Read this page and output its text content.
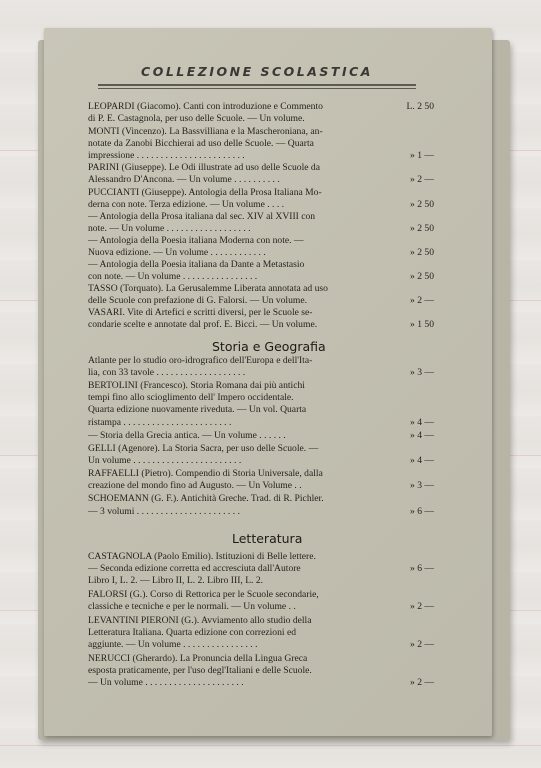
COLLEZIONE SCOLASTICA
Storia e Geografia
Letteratura
LEOPARDI (Giacomo). Canti con introduzione e Commento	L. 2 50
di P. E. Castagnola, per uso delle Scuole. — Un volume.
MONTI (Vincenzo). La Bassvilliana e la Mascheroniana, an-
notate da Zanobi Bicchierai ad uso delle Scuole. — Quarta
impressione . . . . . . . . . . . . . . . . . . . . . . .	» 1 —
PARINI (Giuseppe). Le Odi illustrate ad uso delle Scuole da
Alessandro D'Ancona. — Un volume . . . . . . . . . .	» 2 —
PUCCIANTI (Giuseppe). Antologia della Prosa Italiana Mo-
derna con note. Terza edizione. — Un volume . . . .	» 2 50
— Antologia della Prosa italiana dal sec. XIV al XVIII con
note. — Un volume . . . . . . . . . . . . . . . . . .	» 2 50
— Antologia della Poesia italiana Moderna con note. —
Nuova edizione. — Un volume . . . . . . . . . . . .	» 2 50
— Antologia della Poesia italiana da Dante a Metastasio
con note. — Un volume . . . . . . . . . . . . . . . .	» 2 50
TASSO (Torquato). La Gerusalemme Liberata annotata ad uso
delle Scuole con prefazione di G. Falorsi. — Un volume.	» 2 —
VASARI. Vite di Artefici e scritti diversi, per le Scuole se-
condarie scelte e annotate dal prof. E. Bicci. — Un volume.	» 1 50
Atlante per lo studio oro-idrografico dell'Europa e dell'Ita-
lia, con 33 tavole . . . . . . . . . . . . . . . . . . .	» 3 —
BERTOLINI (Francesco). Storia Romana dai più antichi
tempi fino allo scioglimento dell' Impero occidentale.
Quarta edizione nuovamente riveduta. — Un vol. Quarta
ristampa . . . . . . . . . . . . . . . . . . . . . . .	» 4 —
— Storia della Grecia antica. — Un volume . . . . . .	» 4 —
GELLI (Agenore). La Storia Sacra, per uso delle Scuole. —
Un volume . . . . . . . . . . . . . . . . . . . . . . .	» 4 —
RAFFAELLI (Pietro). Compendio di Storia Universale, dalla
creazione del mondo fino ad Augusto. — Un Volume . .	» 3 —
SCHOEMANN (G. F.). Antichità Greche. Trad. di R. Pichler.
— 3 volumi . . . . . . . . . . . . . . . . . . . . . .	» 6 —
CASTAGNOLA (Paolo Emilio). Istituzioni di Belle lettere.
— Seconda edizione corretta ed accresciuta dall'Autore	» 6 —
Libro I, L. 2. — Libro II, L. 2. Libro III, L. 2.
FALORSI (G.). Corso di Rettorica per le Scuole secondarie,
classiche e tecniche e per le normali. — Un volume . .	» 2 —
LEVANTINI PIERONI (G.). Avviamento allo studio della
Letteratura Italiana. Quarta edizione con correzioni ed
aggiunte. — Un volume . . . . . . . . . . . . . . . .	» 2 —
NERUCCI (Gherardo). La Pronuncia della Lingua Greca
esposta praticamente, per l'uso degl'Italiani e delle Scuole.
— Un volume . . . . . . . . . . . . . . . . . . . . .	» 2 —
